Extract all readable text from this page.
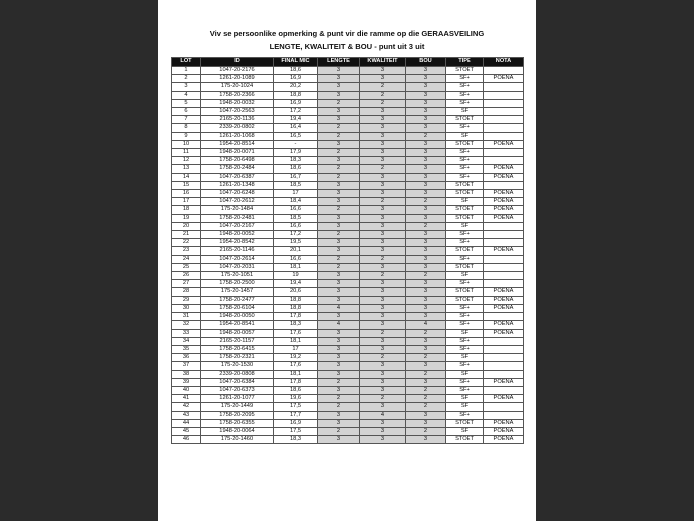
Viv se persoonlike opmerking & punt vir die ramme op die GERAASVEILING
LENGTE, KWALITEIT & BOU - punt uit 3 uit
LOT	ID	FINAL MIC	LENGTE	KWALITEIT	BOU	TIPE	NOTA
1	1047-20-2176	18,6	3	3	3	STOET	
2	1261-20-1089	16,9	3	3	3	SF+	POENA
3	175-20-1024	20,2	3	2	3	SF+	
4	1758-20-2366	18,8	3	2	3	SF+	
5	1948-20-0032	16,9	2	2	3	SF+	
6	1047-20-2563	17,2	3	3	3	SF	
7	2165-20-1136	19,4	3	3	3	STOET	
8	2339-20-0802	16,4	2	3	3	SF+	
9	1261-20-1068	16,5	2	3	2	SF	
10	1954-20-8514	-	3	3	3	STOET	POENA
11	1948-20-0071	17,9	2	3	3	SF+	
12	1758-20-6498	18,3	3	3	3	SF+	
13	1758-20-2484	18,6	2	2	3	SF+	POENA
14	1047-20-6387	16,7	2	3	3	SF+	POENA
15	1261-20-1348	18,5	3	3	3	STOET	
16	1047-20-6248	17	3	3	3	STOET	POENA
17	1047-20-2612	18,4	3	2	2	SF	POENA
18	175-20-1484	16,6	2	3	3	STOET	POENA
19	1758-20-2481	18,5	3	3	3	STOET	POENA
20	1047-20-2167	16,6	3	3	2	SF	
21	1948-20-0052	17,2	2	3	3	SF+	
22	1954-20-8542	19,5	3	3	3	SF+	
23	2165-20-1146	20,1	3	3	3	STOET	POENA
24	1047-20-2614	16,6	2	2	3	SF+	
25	1047-20-2031	18,1	2	3	3	STOET	
26	175-20-1051	19	3	2	2	SF	
27	1758-20-2500	19,4	3	3	3	SF+	
28	175-20-1457	20,6	3	3	3	STOET	POENA
29	1758-20-2477	18,8	3	3	3	STOET	POENA
30	1758-20-6104	18,8	4	3	3	SF+	POENA
31	1948-20-0050	17,8	3	3	3	SF+	
32	1954-20-8541	18,3	4	3	4	SF+	POENA
33	1948-20-0057	17,6	3	2	2	SF	POENA
34	2165-20-1157	18,1	3	3	3	SF+	
35	1758-20-6415	17	3	3	3	SF+	
36	1758-20-2321	19,2	3	2	2	SF	
37	175-20-1530	17,6	3	3	3	SF+	
38	2339-20-0808	18,1	3	3	2	SF	
39	1047-20-6384	17,8	2	3	3	SF+	POENA
40	1047-20-6373	18,6	3	3	2	SF+	
41	1261-20-1077	19,6	2	2	2	SF	POENA
42	175-20-1449	17,5	2	3	2	SF	
43	1758-20-2095	17,7	3	4	3	SF+	
44	1758-20-6355	16,9	3	3	3	STOET	POENA
45	1948-20-0064	17,5	2	3	2	SF	POENA
46	175-20-1460	18,3	3	3	3	STOET	POENA
